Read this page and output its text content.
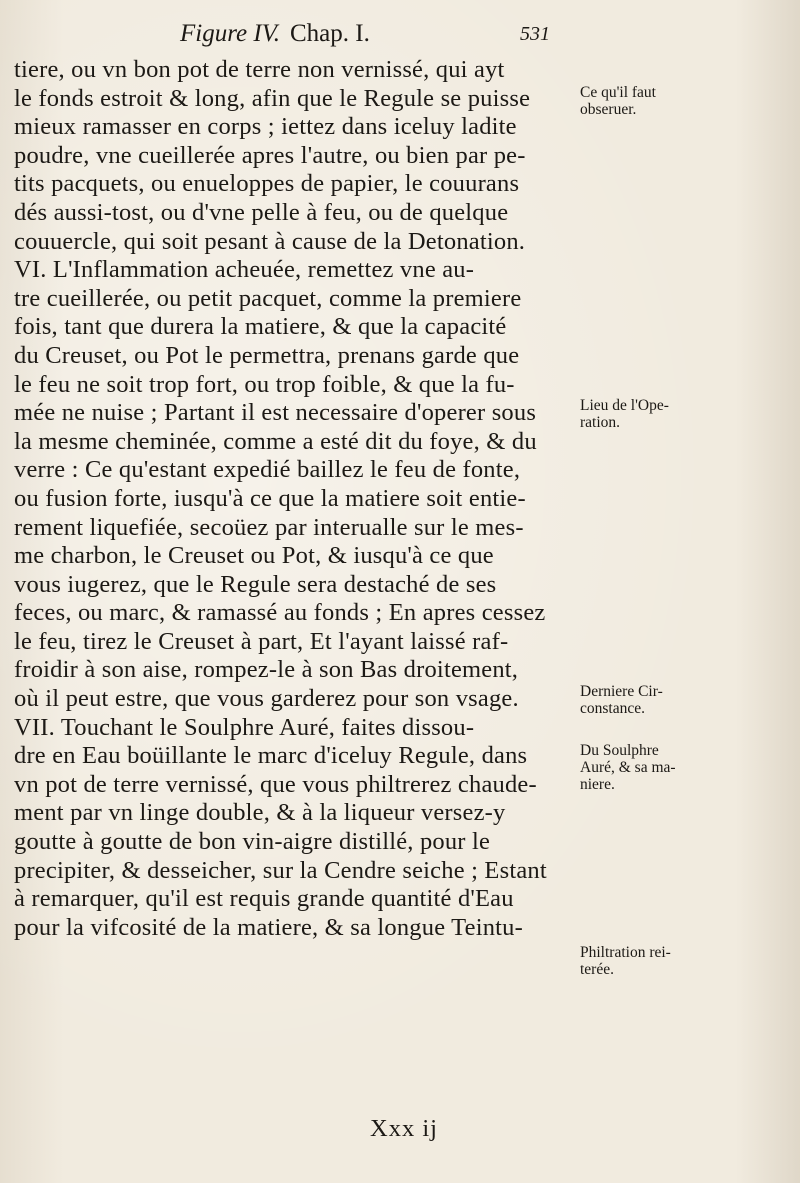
Figure IV. Chap. I.	531
tiere, ou vn bon pot de terre non vernissé, qui ayt
le fonds estroit & long, afin que le Regule se puisse
mieux ramasser en corps ; iettez dans iceluy ladite
poudre, vne cueillerée apres l'autre, ou bien par pe-
tits pacquets, ou enueloppes de papier, le couurans
dés aussi-tost, ou d'vne pelle à feu, ou de quelque
couuercle, qui soit pesant à cause de la Detonation.
VI. L'Inflammation acheuée, remettez vne au-
tre cueillerée, ou petit pacquet, comme la premiere
fois, tant que durera la matiere, & que la capacité
du Creuset, ou Pot le permettra, prenans garde que
le feu ne soit trop fort, ou trop foible, & que la fu-
mée ne nuise ; Partant il est necessaire d'operer sous
la mesme cheminée, comme a esté dit du foye, & du
verre : Ce qu'estant expedié baillez le feu de fonte,
ou fusion forte, iusqu'à ce que la matiere soit entie-
rement liquefiée, secoüez par interualle sur le mes-
me charbon, le Creuset ou Pot, & iusqu'à ce que
vous iugerez, que le Regule sera destaché de ses
feces, ou marc, & ramassé au fonds ; En apres cessez
le feu, tirez le Creuset à part, Et l'ayant laissé raf-
froidir à son aise, rompez-le à son Bas droitement,
où il peut estre, que vous garderez pour son vsage.
VII. Touchant le Soulphre Auré, faites dissou-
dre en Eau boüillante le marc d'iceluy Regule, dans
vn pot de terre vernissé, que vous philtrerez chaude-
ment par vn linge double, & à la liqueur versez-y
goutte à goutte de bon vin-aigre distillé, pour le
precipiter, & desseicher, sur la Cendre seiche ; Estant
à remarquer, qu'il est requis grande quantité d'Eau
pour la vifcosité de la matiere, & sa longue Teintu-
Ce qu'il faut
obseruer.
Lieu de l'Ope-
ration.
Derniere Cir-
constance.
Du Soulphre
Auré, & sa ma-
niere.
Philtration rei-
terée.
Xxx ij
